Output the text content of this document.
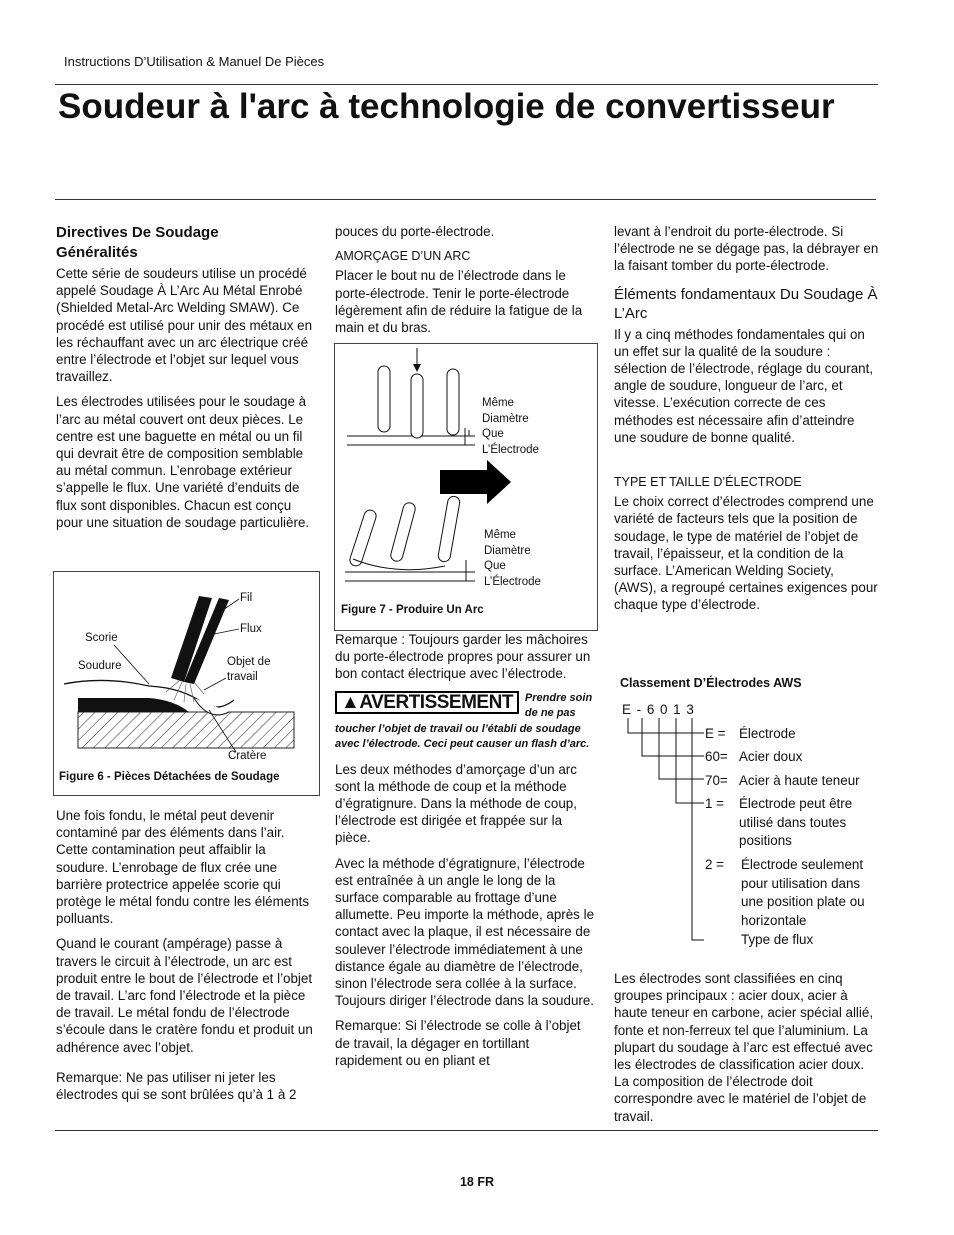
Instructions D’Utilisation & Manuel De Pièces
Soudeur à l'arc à technologie de convertisseur
Directives De Soudage
Généralités

Cette série de soudeurs utilise un procédé appelé Soudage À L’Arc Au Métal Enrobé (Shielded Metal-Arc Welding SMAW). Ce procédé est utilisé pour unir des métaux en les réchauffant avec un arc électrique créé entre l’électrode et l’objet sur lequel vous travaillez.

Les électrodes utilisées pour le soudage à l’arc au métal couvert ont deux pièces. Le centre est une baguette en métal ou un fil qui devrait être de composition semblable au métal commun. L’enrobage extérieur s’appelle le flux. Une variété d’enduits de flux sont disponibles. Chacun est conçu pour une situation de soudage particulière.

Fil
Flux
Scorie
Soudure	Objet de travail
Cratère
Figure 6 - Pièces Détachées de Soudage

Une fois fondu, le métal peut devenir contaminé par des éléments dans l’air. Cette contamination peut affaiblir la soudure. L’enrobage de flux crée une barrière protectrice appelée scorie qui protège le métal fondu contre les éléments polluants.

Quand le courant (ampérage) passe à travers le circuit à l’électrode, un arc est produit entre le bout de l’électrode et l’objet de travail. L’arc fond l’électrode et la pièce de travail. Le métal fondu de l’électrode s’écoule dans le cratère fondu et produit un adhérence avec l’objet.

Remarque: Ne pas utiliser ni jeter les électrodes qui se sont brûlées qu’à 1 à 2

pouces du porte-électrode.

AMORÇAGE D’UN ARC

Placer le bout nu de l’électrode dans le porte-électrode. Tenir le porte-électrode légèrement afin de réduire la fatigue de la main et du bras.

Même
Diamètre
Que
L’Électrode
Même
Diamètre
Que
L’Électrode
Figure 7 - Produire Un Arc

Remarque : Toujours garder les mâchoires du porte-électrode propres pour assurer un bon contact électrique avec l’électrode.

▲AVERTISSEMENT	Prendre soin de ne pas toucher l’objet de travail ou l’établi de soudage avec l’électrode. Ceci peut causer un flash d’arc.

Les deux méthodes d’amorçage d’un arc sont la méthode de coup et la méthode d’égratignure. Dans la méthode de coup, l’électrode est dirigée et frappée sur la pièce.

Avec la méthode d’égratignure, l’électrode est entraînée à un angle le long de la surface comparable au frottage d’une allumette. Peu importe la méthode, après le contact avec la plaque, il est nécessaire de soulever l’électrode immédiatement à une distance égale au diamètre de l’électrode, sinon l’électrode sera collée à la surface. Toujours diriger l’électrode dans la soudure.

Remarque: Si l’électrode se colle à l’objet de travail, la dégager en tortillant rapidement ou en pliant et

levant à l’endroit du porte-électrode. Si l’électrode ne se dégage pas, la débrayer en la faisant tomber du porte-électrode.

Éléments fondamentaux Du Soudage À L’Arc

Il y a cinq méthodes fondamentales qui on un effet sur la qualité de la soudure : sélection de l’électrode, réglage du courant, angle de soudure, longueur de l’arc, et vitesse. L’exécution correcte de ces méthodes est nécessaire afin d’atteindre une soudure de bonne qualité.

TYPE ET TAILLE D’ÉLECTRODE

Le choix correct d’électrodes comprend une variété de facteurs tels que la position de soudage, le type de matériel de l’objet de travail, l’épaisseur, et la condition de la surface. L’American Welding Society, (AWS), a regroupé certaines exigences pour chaque type d’électrode.

Classement D’Électrodes AWS
E - 6 0 1 3
E = Électrode
60= Acier doux
70= Acier à haute teneur
1 =	Électrode peut être utilisé dans toutes positions
2 =	Électrode seulement pour utilisation dans une position plate ou horizontale
Type de flux

Les électrodes sont classifiées en cinq groupes principaux : acier doux, acier à haute teneur en carbone, acier spécial allié, fonte et non-ferreux tel que l’aluminium. La plupart du soudage à l’arc est effectué avec les électrodes de classification acier doux. La composition de l’électrode doit correspondre avec le matériel de l’objet de travail.

18 FR
